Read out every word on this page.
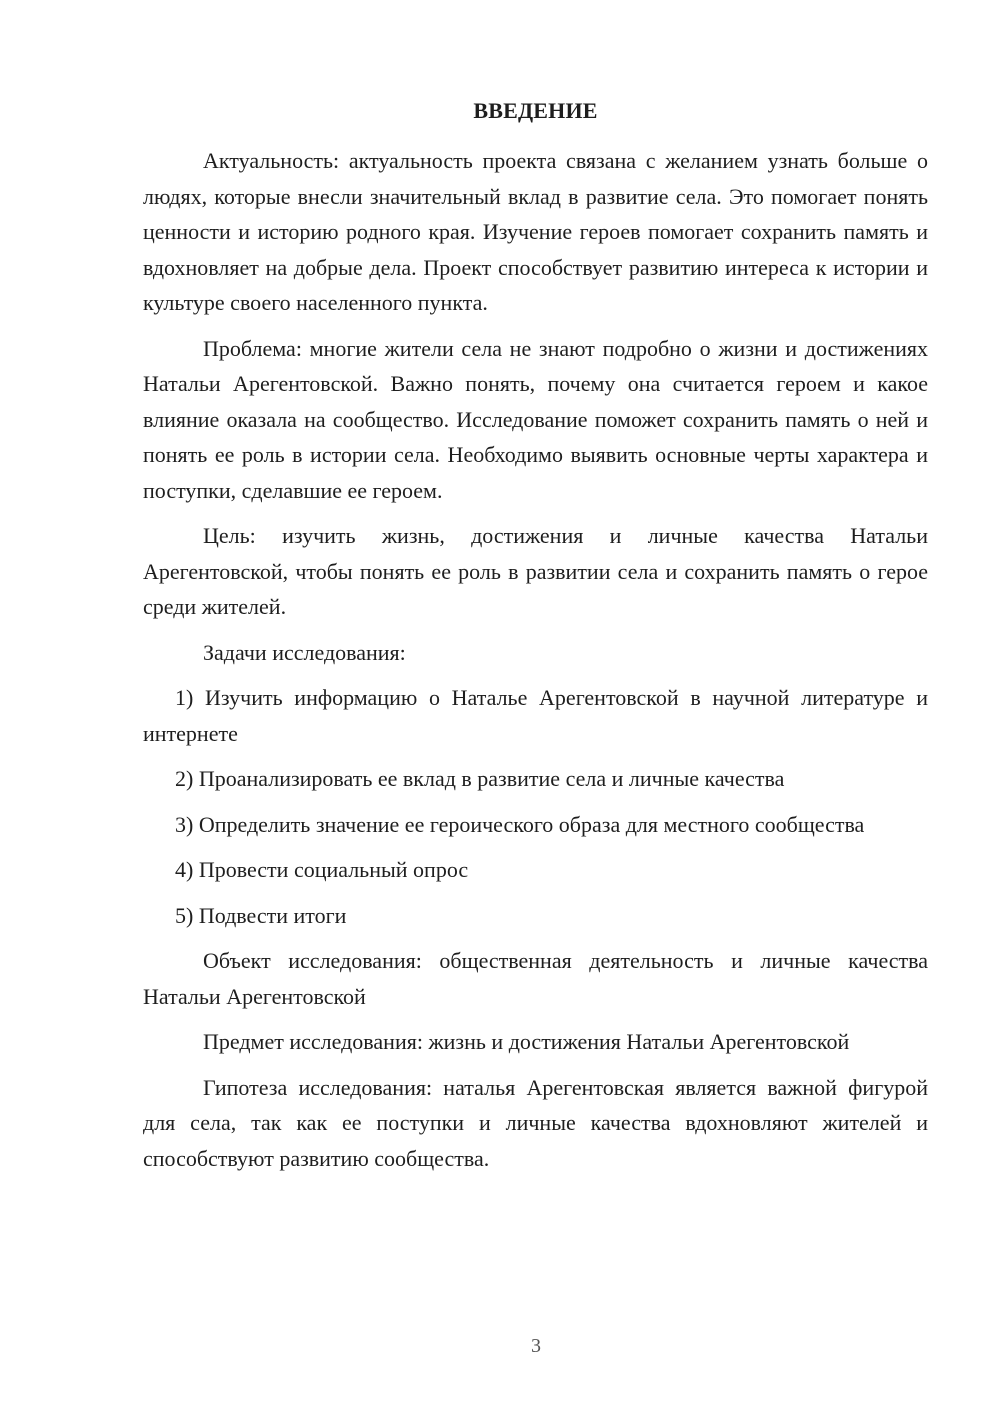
ВВЕДЕНИЕ

Актуальность: актуальность проекта связана с желанием узнать больше о людях, которые внесли значительный вклад в развитие села. Это помогает понять ценности и историю родного края. Изучение героев помогает сохранить память и вдохновляет на добрые дела. Проект способствует развитию интереса к истории и культуре своего населенного пункта.

Проблема: многие жители села не знают подробно о жизни и достижениях Натальи Арегентовской. Важно понять, почему она считается героем и какое влияние оказала на сообщество. Исследование поможет сохранить память о ней и понять ее роль в истории села. Необходимо выявить основные черты характера и поступки, сделавшие ее героем.

Цель: изучить жизнь, достижения и личные качества Натальи Арегентовской, чтобы понять ее роль в развитии села и сохранить память о герое среди жителей.

Задачи исследования:

1) Изучить информацию о Наталье Арегентовской в научной литературе и интернете

2) Проанализировать ее вклад в развитие села и личные качества

3) Определить значение ее героического образа для местного сообщества

4) Провести социальный опрос

5) Подвести итоги

Объект исследования: общественная деятельность и личные качества Натальи Арегентовской

Предмет исследования: жизнь и достижения Натальи Арегентовской

Гипотеза исследования: наталья Арегентовская является важной фигурой для села, так как ее поступки и личные качества вдохновляют жителей и способствуют развитию сообщества.

3
